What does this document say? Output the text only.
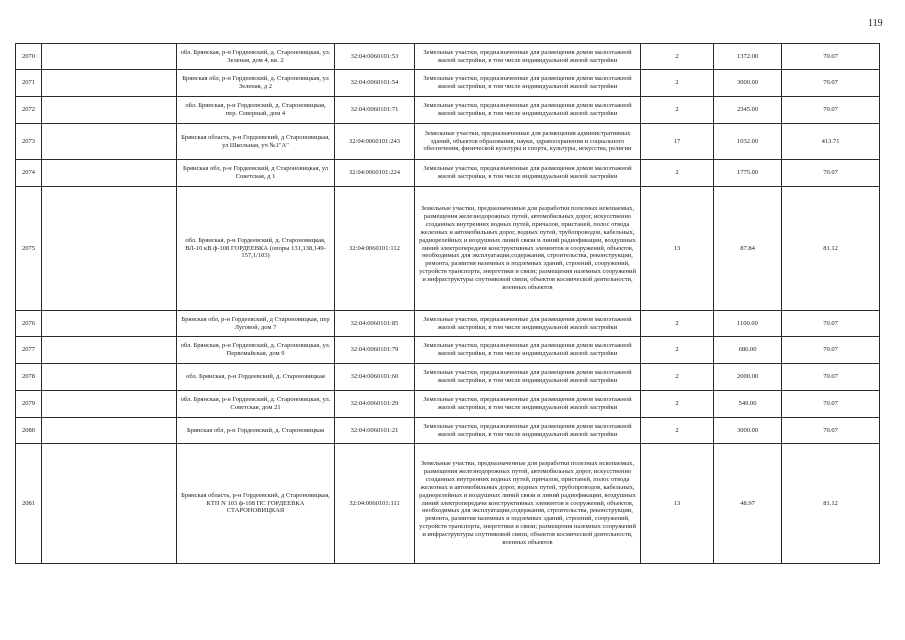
119
2070		обл. Брянская, р-н Гордеевский, д. Староновицкая, ул. Зеленая, дом 4, кв. 2	32:04:0060101:53	Земельные участки, предназначенные для размещения домов малоэтажной жилой застройки, в том числе индивидуальной жилой застройки	2	1372.00	70.07	
2071		Брянская обл, р-н Гордеевский, д. Староновицкая, ул Зеленая, д 2	32:04:0060101:54	Земельные участки, предназначенные для размещения домов малоэтажной жилой застройки, в том числе индивидуальной жилой застройки	2	3000.00	70.07	
2072		обл. Брянская, р-н Гордеевский, д. Староновицкая, пер. Северный, дом 4	32:04:0060101:71	Земельные участки, предназначенные для размещения домов малоэтажной жилой застройки, в том числе индивидуальной жилой застройки	2	2345.00	70.07	
2073		Брянская область, р-н Гордеевский, д Староновицкая, ул Школьная, уч №1"А"	32:04:0060101:243	Земельные участки, предназначенные для размещения административных зданий, объектов образования, науки, здравоохранения и социального обеспечения, физической культуры и спорта, культуры, искусства, религии	17	1032.00	413.71	
2074		Брянская обл, р-н Гордеевский, д Староновицкая, ул Советская, д 1	32:04:0060101:224	Земельные участки, предназначенные для размещения домов малоэтажной жилой застройки, в том числе индивидуальной жилой застройки	2	1775.00	70.07	
2075		обл. Брянская, р-н Гордеевский, д. Староновицкая, ВЛ-10 кВ ф-108 ГОРДЕЕВКА (опоры 131,138,149-157,1/103)	32:04:0060101:112	Земельные участки, предназначенные для разработки полезных ископаемых, размещения железнодорожных путей, автомобильных дорог, искусственно созданных внутренних водных путей, причалов, пристаней, полос отвода железных и автомобильных дорог, водных путей, трубопроводов, кабельных, радиорелейных и воздушных линий связи и линий радиофикации, воздушных линий электропередачи конструктивных элементов и сооружений, объектов, необходимых для эксплуатации,содержания, строительства, реконструкции, ремонта, развития наземных и подземных зданий, строений, сооружений, устройств транспорта, энергетики и связи; размещения наземных сооружений и инфраструктуры спутниковой связи, объектов космической деятельности, военных объектов	13	87.84	81.12	
2076		Брянская обл, р-н Гордеевский, д Староновицкая, пер Луговой, дом 7	32:04:0060101:85	Земельные участки, предназначенные для размещения домов малоэтажной жилой застройки, в том числе индивидуальной жилой застройки	2	1100.00	70.07	
2077		обл. Брянская, р-н Гордеевский, д. Староновицкая, ул. Первомайская, дом 9	32:04:0060101:79	Земельные участки, предназначенные для размещения домов малоэтажной жилой застройки, в том числе индивидуальной жилой застройки	2	686.00	70.07	
2078		обл. Брянская, р-н Гордеевский, д. Староновицкая	32:04:0060101:60	Земельные участки, предназначенные для размещения домов малоэтажной жилой застройки, в том числе индивидуальной жилой застройки	2	2000.00	70.07	
2079		обл. Брянская, р-н Гордеевский, д. Староновицкая, ул. Советская, дом 21	32:04:0060101:29	Земельные участки, предназначенные для размещения домов малоэтажной жилой застройки, в том числе индивидуальной жилой застройки	2	549.00	70.07	
2080		Брянская обл, р-н Гордеевский, д. Староновицкая	32:04:0060101:21	Земельные участки, предназначенные для размещения домов малоэтажной жилой застройки, в том числе индивидуальной жилой застройки	2	3000.00	70.07	
2081		Брянская область, р-н Гордеевский, д Староновицкая, КТП N 103 ф-108 ПС ГОРДЕЕВКА СТАРОНОВИЦКАЯ	32:04:0060101:111	Земельные участки, предназначенные для разработки полезных ископаемых, размещения железнодорожных путей, автомобильных дорог, искусственно созданных внутренних водных путей, причалов, пристаней, полос отвода железных и автомобильных дорог, водных путей, трубопроводов, кабельных, радиорелейных и воздушных линий связи и линий радиофикации, воздушных линий электропередачи конструктивных элементов и сооружений, объектов, необходимых для эксплуатации,содержания, строительства, реконструкции, ремонта, развития наземных и подземных зданий, строений, сооружений, устройств транспорта, энергетики и связи; размещения наземных сооружений и инфраструктуры спутниковой связи, объектов космической деятельности, военных объектов	13	48.97	81.12	
